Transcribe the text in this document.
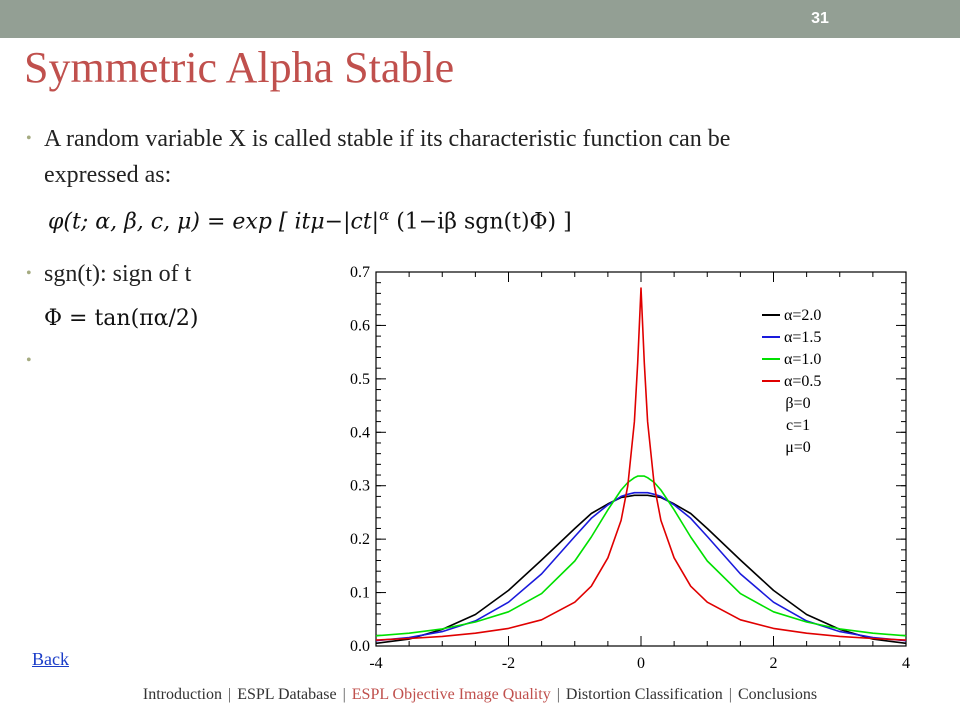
31
Symmetric Alpha Stable
• A random variable X is called stable if its characteristic function can be
expressed as:
φ(t; α, β, c, μ) = exp [ $it\mu-|ct|^\alpha$ (1−iβ sgn(t)Φ) ]
• sgn(t): sign of t
Φ = tan(πα/2)
•
-4	-2	0	2	4
0.0
0.1
0.2
0.3
0.4
0.5
0.6
0.7
α=2.0
α=1.5
α=1.0
α=0.5
β=0
c=1
μ=0
Back
Introduction | ESPL Database | ESPL Objective Image Quality | Distortion Classification | Conclusions
